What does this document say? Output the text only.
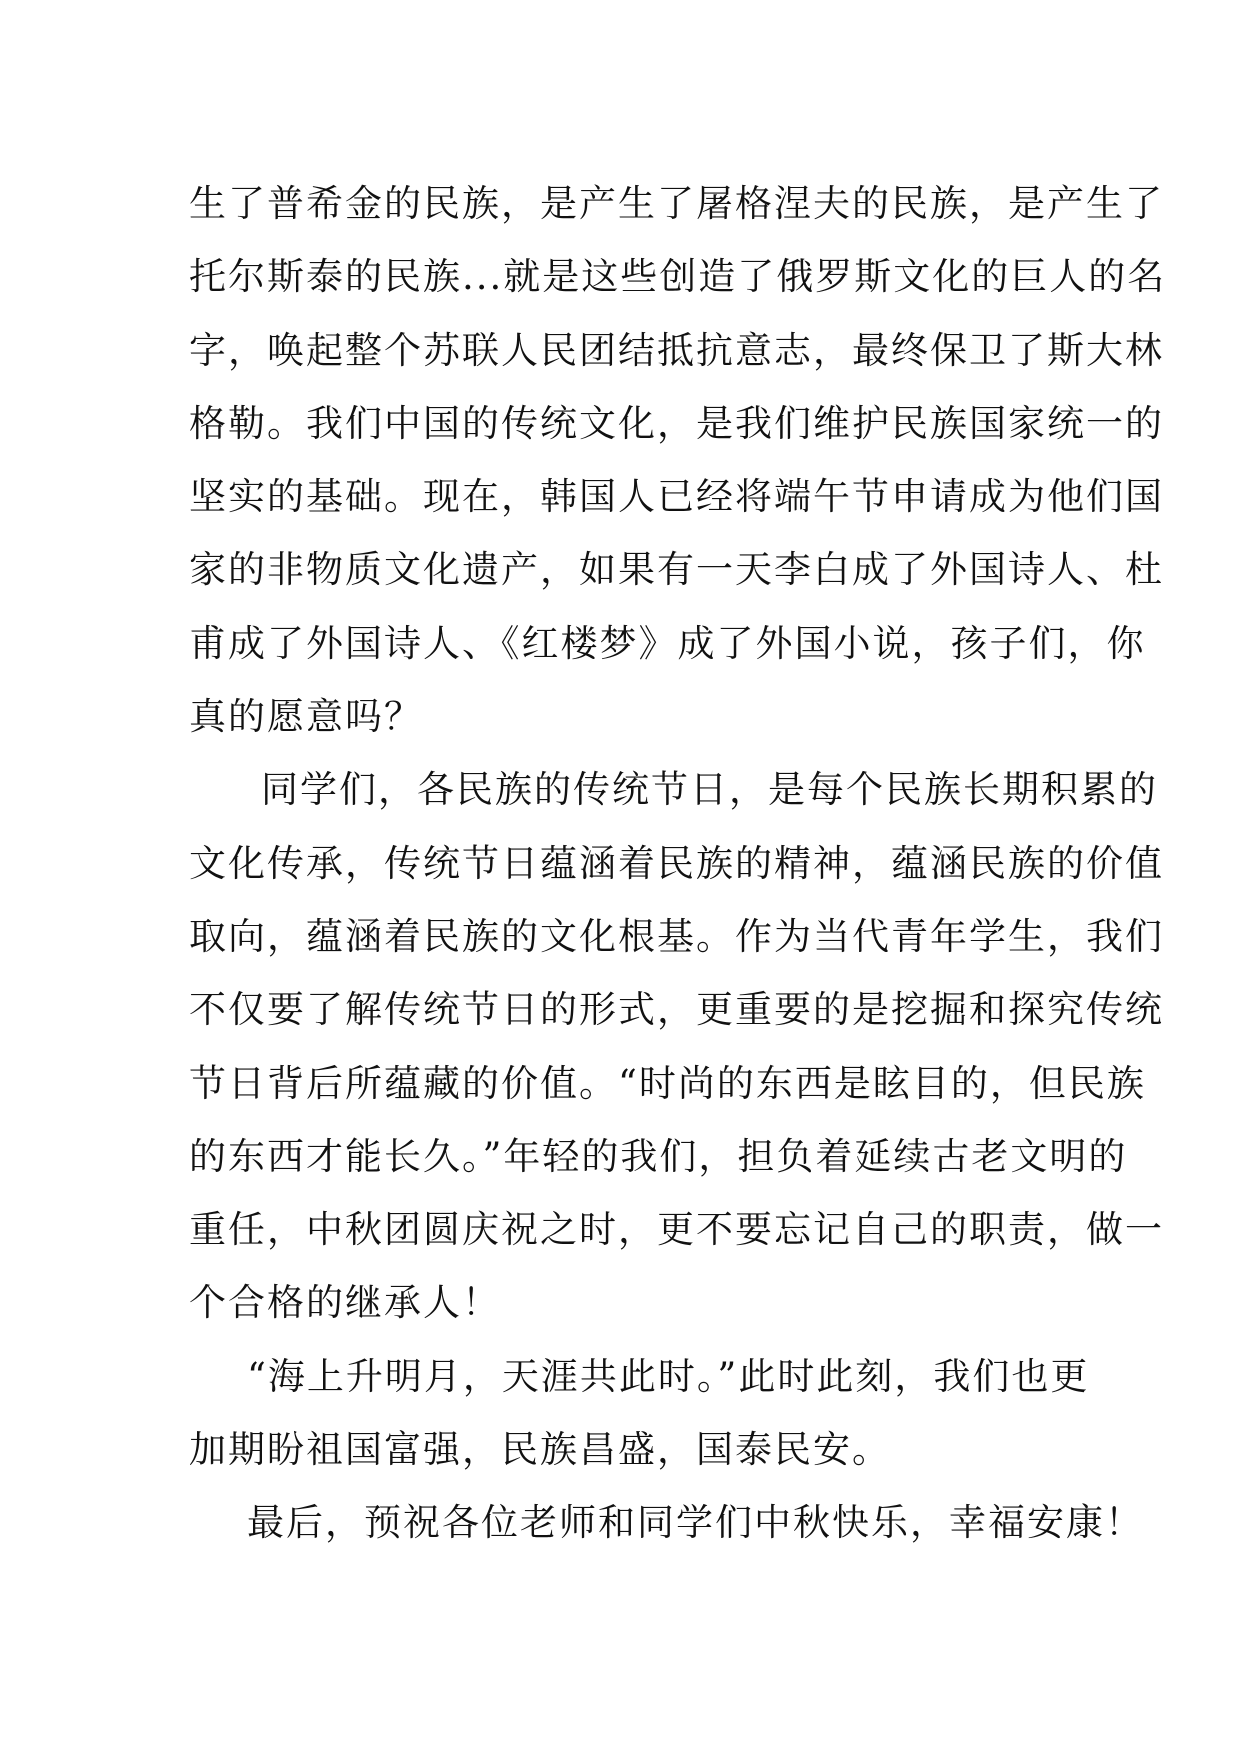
生了普希金的民族，是产生了屠格涅夫的民族，是产生了
托尔斯泰的民族...就是这些创造了俄罗斯文化的巨人的名
字，唤起整个苏联人民团结抵抗意志，最终保卫了斯大林
格勒。我们中国的传统文化，是我们维护民族国家统一的
坚实的基础。现在，韩国人已经将端午节申请成为他们国
家的非物质文化遗产，如果有一天李白成了外国诗人、杜
甫成了外国诗人、《红楼梦》成了外国小说，孩子们，你
真的愿意吗？
同学们，各民族的传统节日，是每个民族长期积累的
文化传承，传统节日蕴涵着民族的精神，蕴涵民族的价值
取向，蕴涵着民族的文化根基。作为当代青年学生，我们
不仅要了解传统节日的形式，更重要的是挖掘和探究传统
节日背后所蕴藏的价值。“时尚的东西是眩目的，但民族
的东西才能长久。”年轻的我们，担负着延续古老文明的
重任，中秋团圆庆祝之时，更不要忘记自己的职责，做一
个合格的继承人！
“海上升明月，天涯共此时。”此时此刻，我们也更
加期盼祖国富强，民族昌盛，国泰民安。
最后，预祝各位老师和同学们中秋快乐，幸福安康！
